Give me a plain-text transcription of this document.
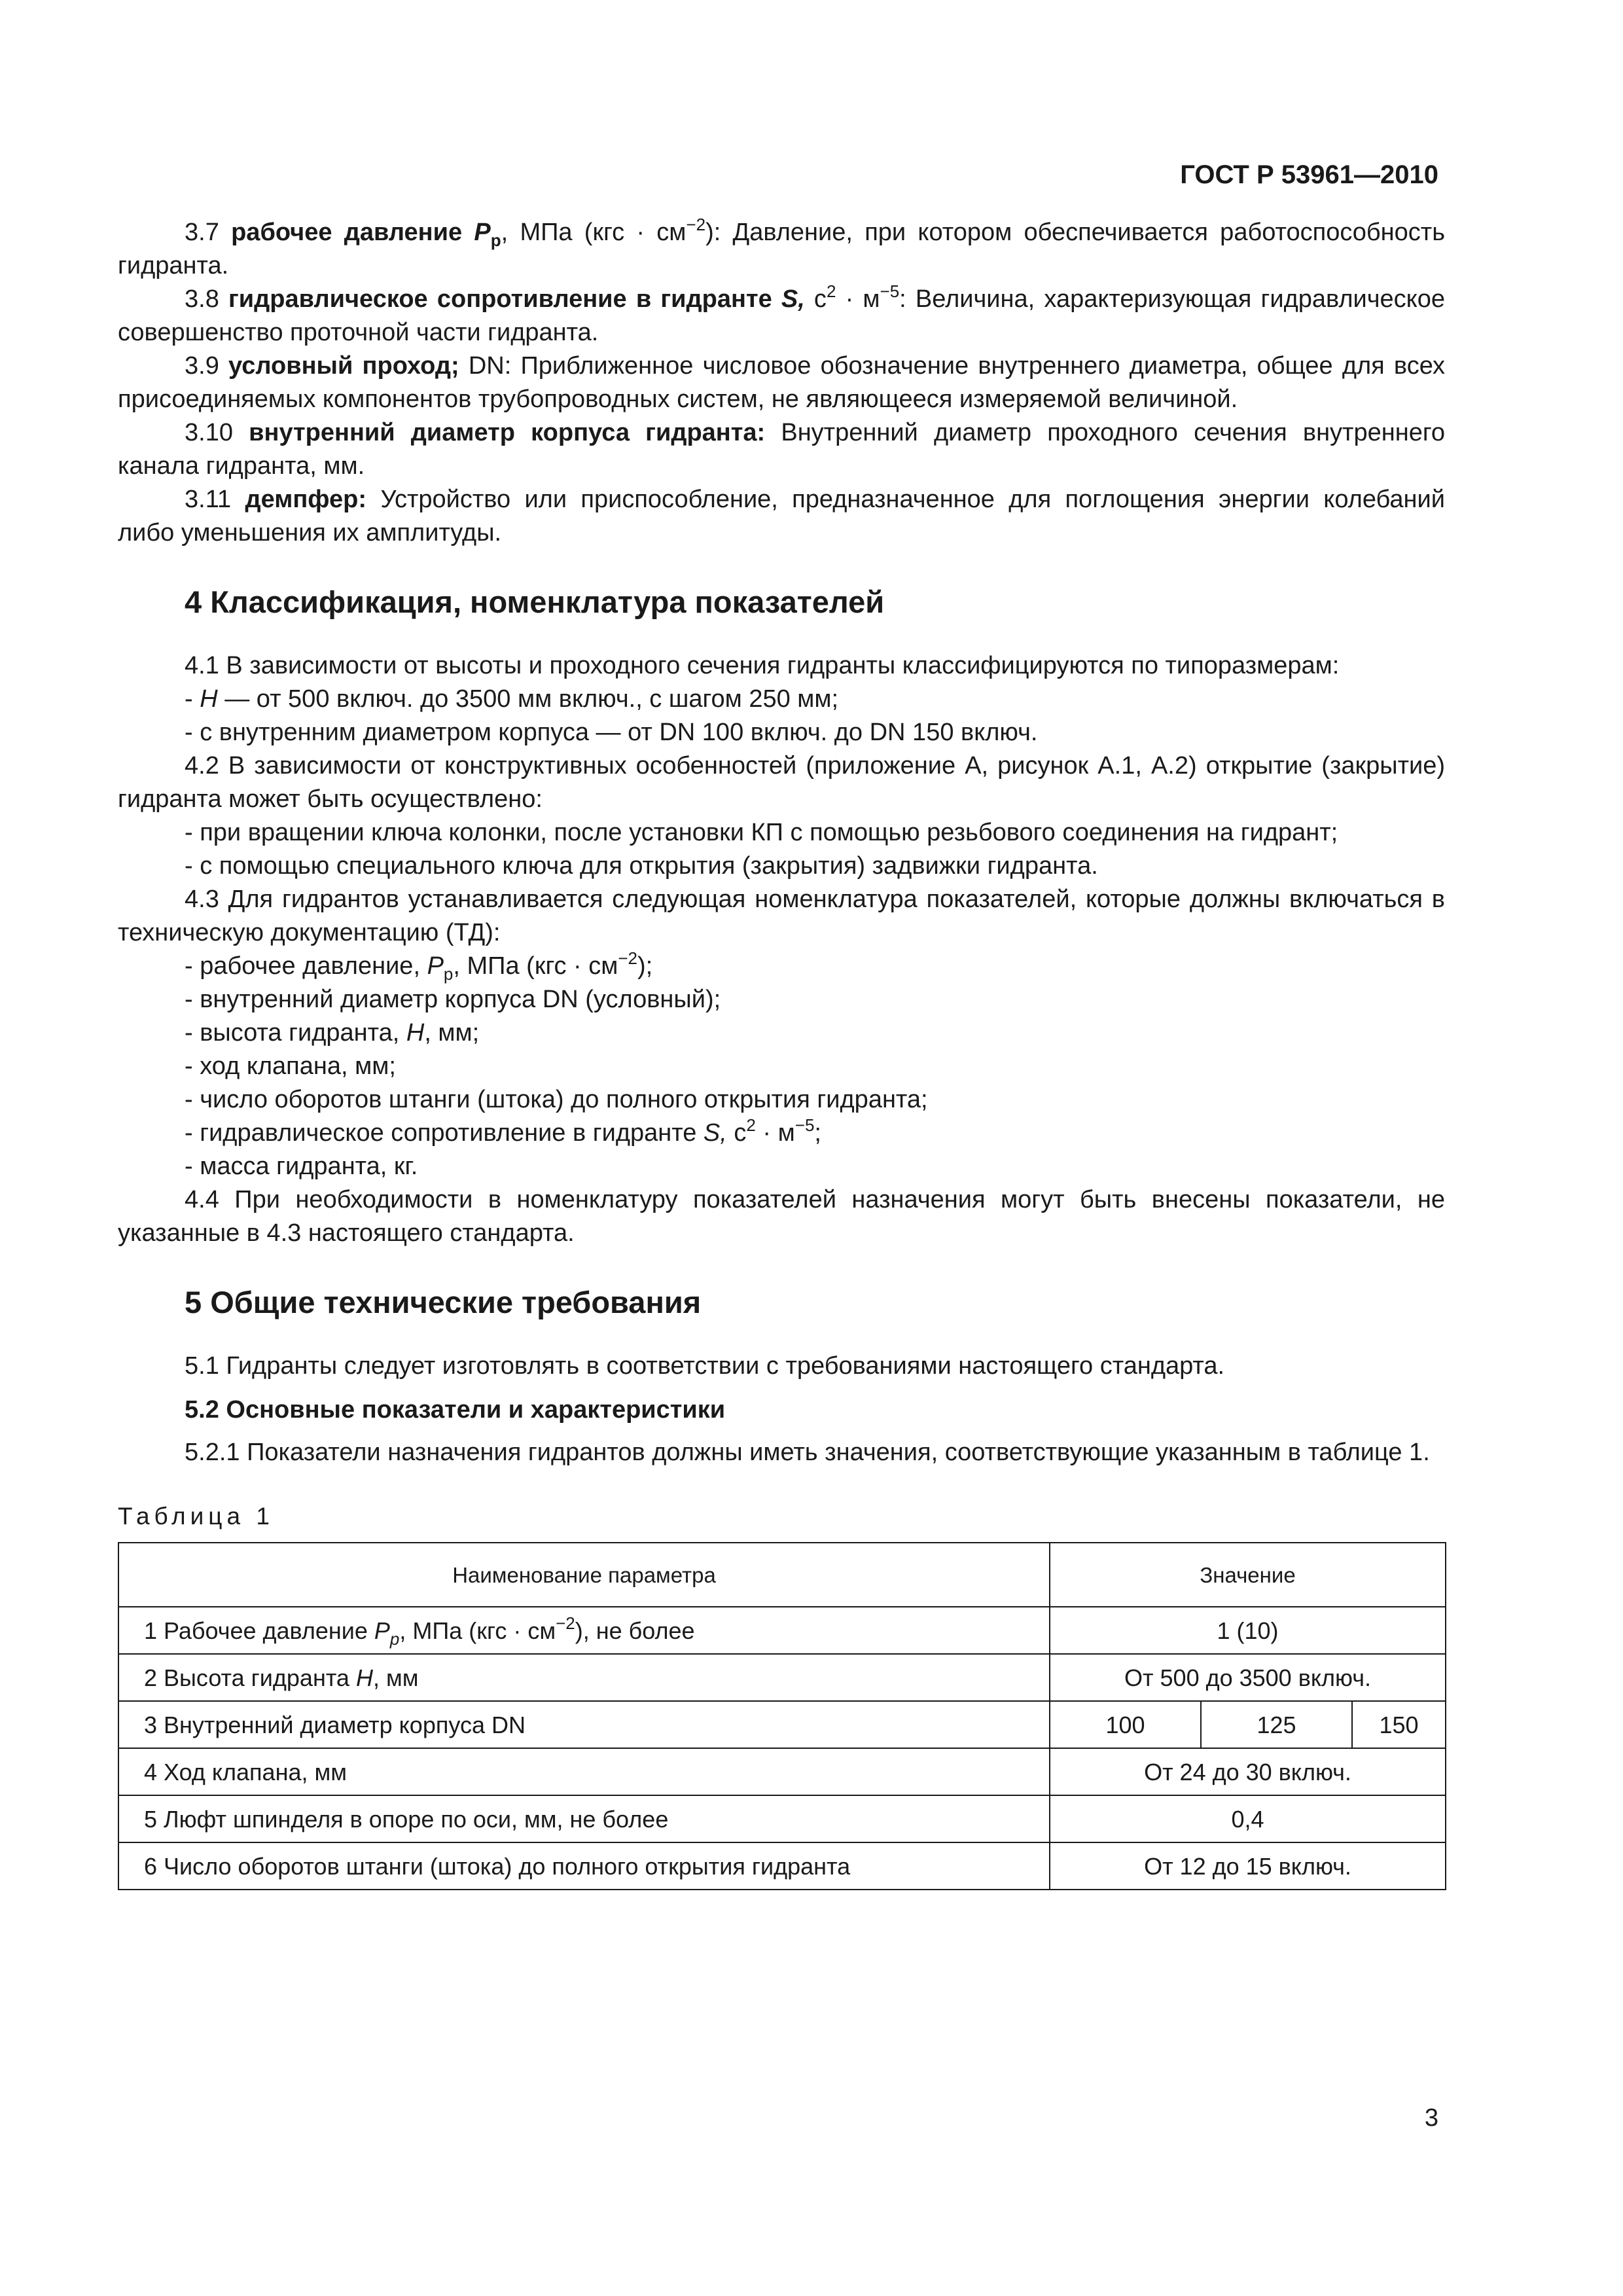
ГОСТ Р 53961—2010

3.7 рабочее давление $P_р$, МПа $(кгс \cdot см^{-2})$: Давление, при котором обеспечивается работоспособность гидранта.

3.8 гидравлическое сопротивление в гидранте S, $с^2 \cdot м^{-5}$: Величина, характеризующая гидравлическое совершенство проточной части гидранта.

3.9 условный проход; DN: Приближенное числовое обозначение внутреннего диаметра, общее для всех присоединяемых компонентов трубопроводных систем, не являющееся измеряемой величиной.

3.10 внутренний диаметр корпуса гидранта: Внутренний диаметр проходного сечения внутреннего канала гидранта, мм.

3.11 демпфер: Устройство или приспособление, предназначенное для поглощения энергии колебаний либо уменьшения их амплитуды.

4 Классификация, номенклатура показателей

4.1 В зависимости от высоты и проходного сечения гидранты классифицируются по типоразмерам:

- H — от 500 включ. до 3500 мм включ., с шагом 250 мм;

- с внутренним диаметром корпуса — от DN 100 включ. до DN 150 включ.

4.2 В зависимости от конструктивных особенностей (приложение А, рисунок А.1, А.2) открытие (закрытие) гидранта может быть осуществлено:

- при вращении ключа колонки, после установки КП с помощью резьбового соединения на гидрант;

- с помощью специального ключа для открытия (закрытия) задвижки гидранта.

4.3 Для гидрантов устанавливается следующая номенклатура показателей, которые должны включаться в техническую документацию (ТД):

- рабочее давление, $P_р$, МПа $(кгс \cdot см^{-2})$;

- внутренний диаметр корпуса DN (условный);

- высота гидранта, H, мм;

- ход клапана, мм;

- число оборотов штанги (штока) до полного открытия гидранта;

- гидравлическое сопротивление в гидранте S, $с^2 \cdot м^{-5}$;

- масса гидранта, кг.

4.4 При необходимости в номенклатуру показателей назначения могут быть внесены показатели, не указанные в 4.3 настоящего стандарта.

5 Общие технические требования

5.1 Гидранты следует изготовлять в соответствии с требованиями настоящего стандарта.

5.2 Основные показатели и характеристики

5.2.1 Показатели назначения гидрантов должны иметь значения, соответствующие указанным в таблице 1.

Таблица 1
Наименование параметра	Значение		
1 Рабочее давление $P_р$, МПа $(кгс \cdot см^{-2})$, не более	1 (10)		
2 Высота гидранта H, мм	От 500 до 3500 включ.		
3 Внутренний диаметр корпуса DN	100	125	150
4 Ход клапана, мм	От 24 до 30 включ.		
5 Люфт шпинделя в опоре по оси, мм, не более	0,4		
6 Число оборотов штанги (штока) до полного открытия гидранта	От 12 до 15 включ.		
3
